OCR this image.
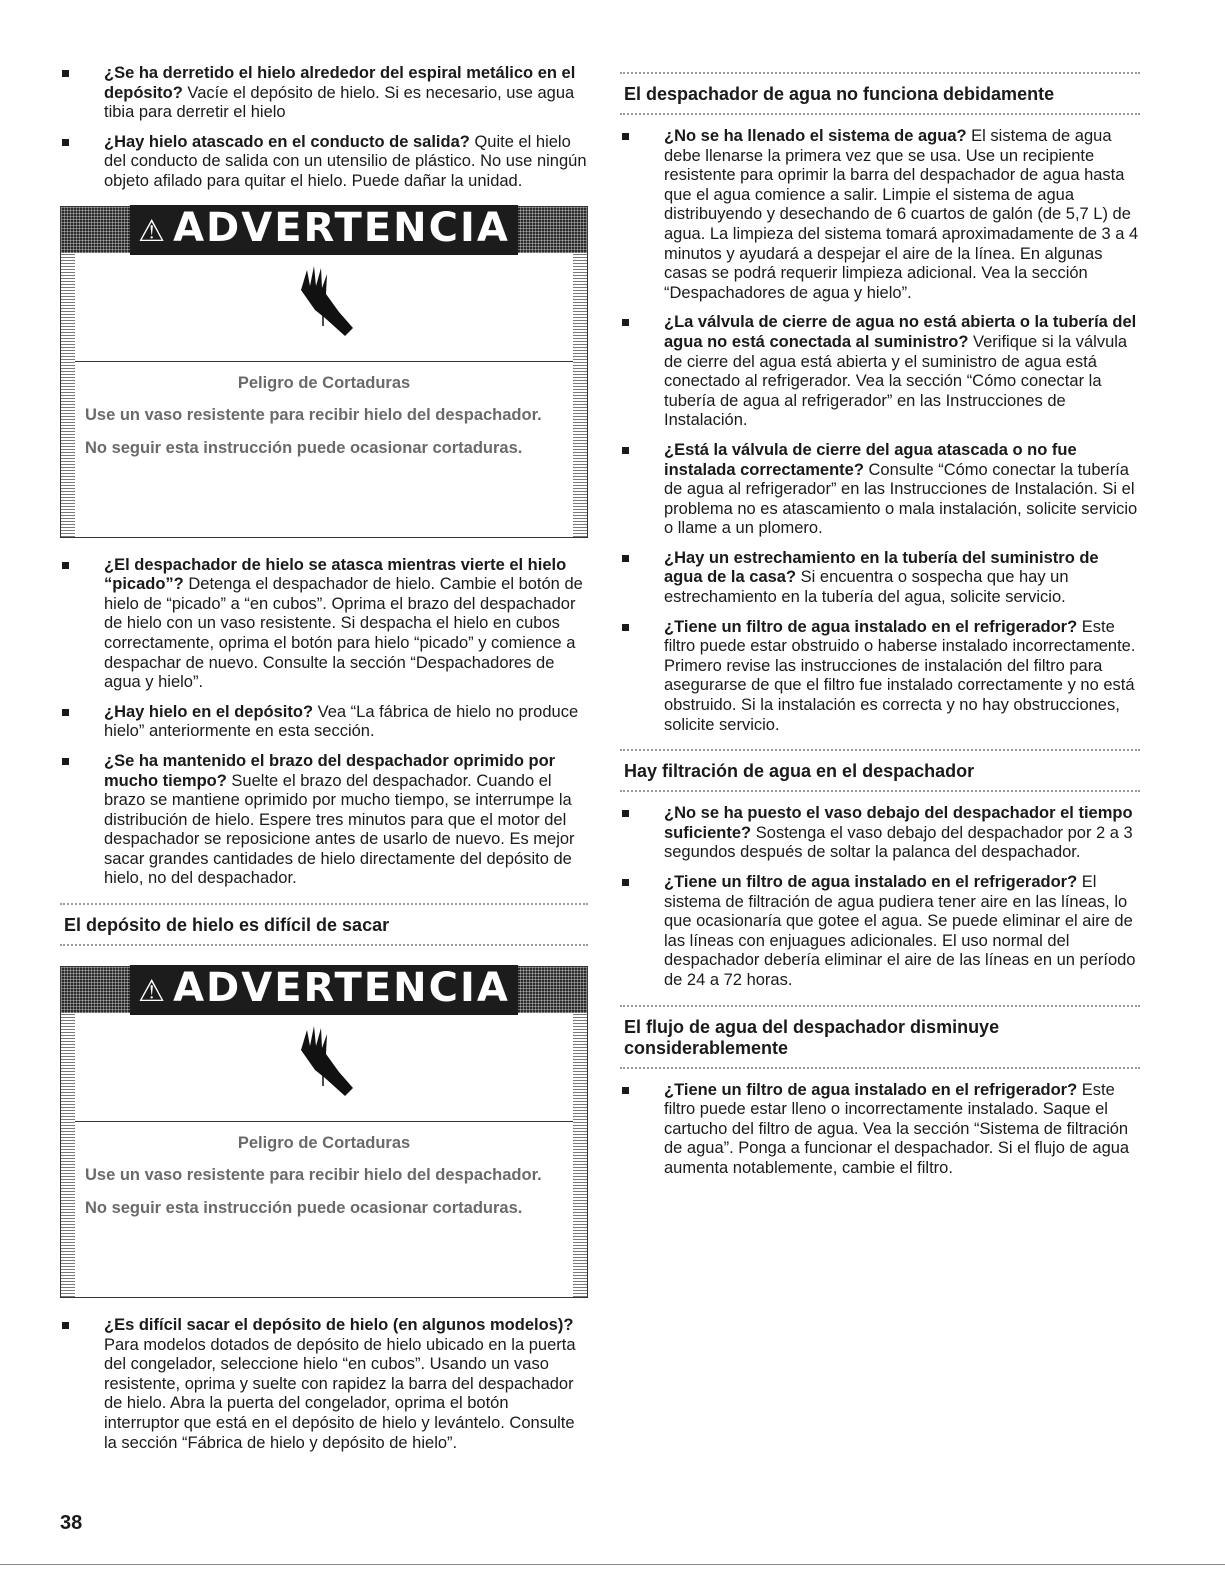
¿Se ha derretido el hielo alrededor del espiral metálico en el depósito? Vacíe el depósito de hielo. Si es necesario, use agua tibia para derretir el hielo
¿Hay hielo atascado en el conducto de salida? Quite el hielo del conducto de salida con un utensilio de plástico. No use ningún objeto afilado para quitar el hielo. Puede dañar la unidad.
⚠ ADVERTENCIA
Peligro de Cortaduras
Use un vaso resistente para recibir hielo del despachador.
No seguir esta instrucción puede ocasionar cortaduras.
¿El despachador de hielo se atasca mientras vierte el hielo “picado”? Detenga el despachador de hielo. Cambie el botón de hielo de “picado” a “en cubos”. Oprima el brazo del despachador de hielo con un vaso resistente. Si despacha el hielo en cubos correctamente, oprima el botón para hielo “picado” y comience a despachar de nuevo. Consulte la sección “Despachadores de agua y hielo”.
¿Hay hielo en el depósito? Vea “La fábrica de hielo no produce hielo” anteriormente en esta sección.
¿Se ha mantenido el brazo del despachador oprimido por mucho tiempo? Suelte el brazo del despachador. Cuando el brazo se mantiene oprimido por mucho tiempo, se interrumpe la distribución de hielo. Espere tres minutos para que el motor del despachador se reposicione antes de usarlo de nuevo. Es mejor sacar grandes cantidades de hielo directamente del depósito de hielo, no del despachador.
El depósito de hielo es difícil de sacar
⚠ ADVERTENCIA
Peligro de Cortaduras
Use un vaso resistente para recibir hielo del despachador.
No seguir esta instrucción puede ocasionar cortaduras.
¿Es difícil sacar el depósito de hielo (en algunos modelos)? Para modelos dotados de depósito de hielo ubicado en la puerta del congelador, seleccione hielo “en cubos”. Usando un vaso resistente, oprima y suelte con rapidez la barra del despachador de hielo. Abra la puerta del congelador, oprima el botón interruptor que está en el depósito de hielo y levántelo. Consulte la sección “Fábrica de hielo y depósito de hielo”.
El despachador de agua no funciona debidamente
¿No se ha llenado el sistema de agua? El sistema de agua debe llenarse la primera vez que se usa. Use un recipiente resistente para oprimir la barra del despachador de agua hasta que el agua comience a salir. Limpie el sistema de agua distribuyendo y desechando de 6 cuartos de galón (de 5,7 L) de agua. La limpieza del sistema tomará aproximadamente de 3 a 4 minutos y ayudará a despejar el aire de la línea. En algunas casas se podrá requerir limpieza adicional. Vea la sección “Despachadores de agua y hielo”.
¿La válvula de cierre de agua no está abierta o la tubería del agua no está conectada al suministro? Verifique si la válvula de cierre del agua está abierta y el suministro de agua está conectado al refrigerador. Vea la sección “Cómo conectar la tubería de agua al refrigerador” en las Instrucciones de Instalación.
¿Está la válvula de cierre del agua atascada o no fue instalada correctamente? Consulte “Cómo conectar la tubería de agua al refrigerador” en las Instrucciones de Instalación. Si el problema no es atascamiento o mala instalación, solicite servicio o llame a un plomero.
¿Hay un estrechamiento en la tubería del suministro de agua de la casa? Si encuentra o sospecha que hay un estrechamiento en la tubería del agua, solicite servicio.
¿Tiene un filtro de agua instalado en el refrigerador? Este filtro puede estar obstruido o haberse instalado incorrectamente. Primero revise las instrucciones de instalación del filtro para asegurarse de que el filtro fue instalado correctamente y no está obstruido. Si la instalación es correcta y no hay obstrucciones, solicite servicio.
Hay filtración de agua en el despachador
¿No se ha puesto el vaso debajo del despachador el tiempo suficiente? Sostenga el vaso debajo del despachador por 2 a 3 segundos después de soltar la palanca del despachador.
¿Tiene un filtro de agua instalado en el refrigerador? El sistema de filtración de agua pudiera tener aire en las líneas, lo que ocasionaría que gotee el agua. Se puede eliminar el aire de las líneas con enjuagues adicionales. El uso normal del despachador debería eliminar el aire de las líneas en un período de 24 a 72 horas.
El flujo de agua del despachador disminuye considerablemente
¿Tiene un filtro de agua instalado en el refrigerador? Este filtro puede estar lleno o incorrectamente instalado. Saque el cartucho del filtro de agua. Vea la sección “Sistema de filtración de agua”. Ponga a funcionar el despachador. Si el flujo de agua aumenta notablemente, cambie el filtro.
38
